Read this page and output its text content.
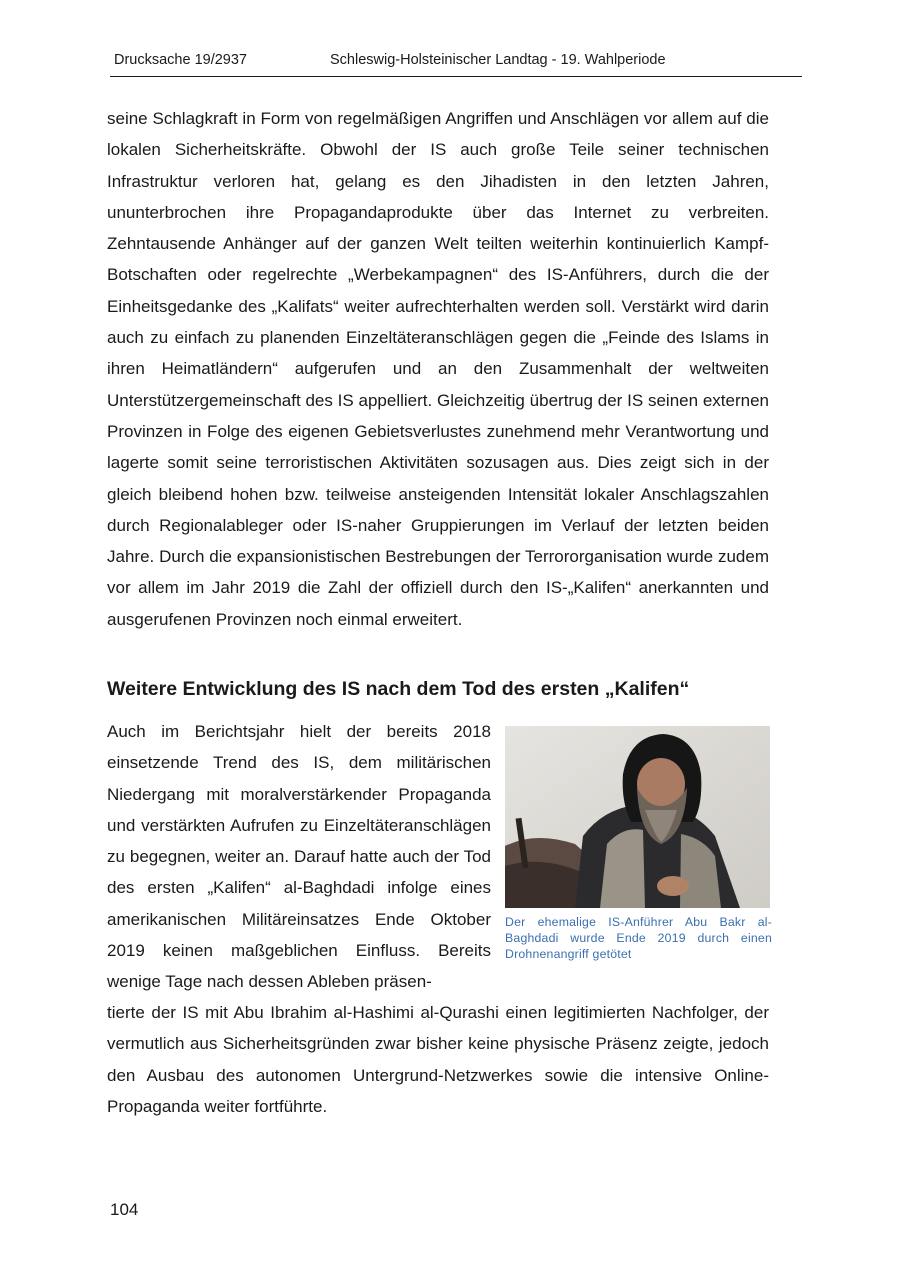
Drucksache 19/2937	Schleswig-Holsteinischer Landtag - 19. Wahlperiode

seine Schlagkraft in Form von regelmäßigen Angriffen und Anschlägen vor allem auf die lokalen Sicherheitskräfte. Obwohl der IS auch große Teile seiner technischen Infrastruktur verloren hat, gelang es den Jihadisten in den letzten Jahren, ununterbrochen ihre Propagandaprodukte über das Internet zu verbreiten. Zehntausende Anhänger auf der ganzen Welt teilten weiterhin kontinuierlich Kampf-Botschaften oder regelrechte „Werbekampagnen“ des IS-Anführers, durch die der Einheitsgedanke des „Kalifats“ weiter aufrechterhalten werden soll. Verstärkt wird darin auch zu einfach zu planenden Einzeltäteranschlägen gegen die „Feinde des Islams in ihren Heimatländern“ aufgerufen und an den Zusammenhalt der weltweiten Unterstützergemeinschaft des IS appelliert. Gleichzeitig übertrug der IS seinen externen Provinzen in Folge des eigenen Gebietsverlustes zunehmend mehr Verantwortung und lagerte somit seine terroristischen Aktivitäten sozusagen aus. Dies zeigt sich in der gleich bleibend hohen bzw. teilweise ansteigenden Intensität lokaler Anschlagszahlen durch Regionalableger oder IS-naher Gruppierungen im Verlauf der letzten beiden Jahre. Durch die expansionistischen Bestrebungen der Terrororganisation wurde zudem vor allem im Jahr 2019 die Zahl der offiziell durch den IS-„Kalifen“ anerkannten und ausgerufenen Provinzen noch einmal erweitert.

Weitere Entwicklung des IS nach dem Tod des ersten „Kalifen“

Auch im Berichtsjahr hielt der bereits 2018 einsetzende Trend des IS, dem militärischen Niedergang mit moralverstärkender Propaganda und verstärkten Aufrufen zu Einzeltäteranschlägen zu begegnen, weiter an. Darauf hatte auch der Tod des ersten „Kalifen“ al-Baghdadi infolge eines amerikanischen Militäreinsatzes Ende Oktober 2019 keinen maßgeblichen Einfluss. Bereits wenige Tage nach dessen Ableben präsen-

Der ehemalige IS-Anführer Abu Bakr al-Baghdadi wurde Ende 2019 durch einen Drohnenangriff getötet

tierte der IS mit Abu Ibrahim al-Hashimi al-Qurashi einen legitimierten Nachfolger, der vermutlich aus Sicherheitsgründen zwar bisher keine physische Präsenz zeigte, jedoch den Ausbau des autonomen Untergrund-Netzwerkes sowie die intensive Online-Propaganda weiter fortführte.

104
